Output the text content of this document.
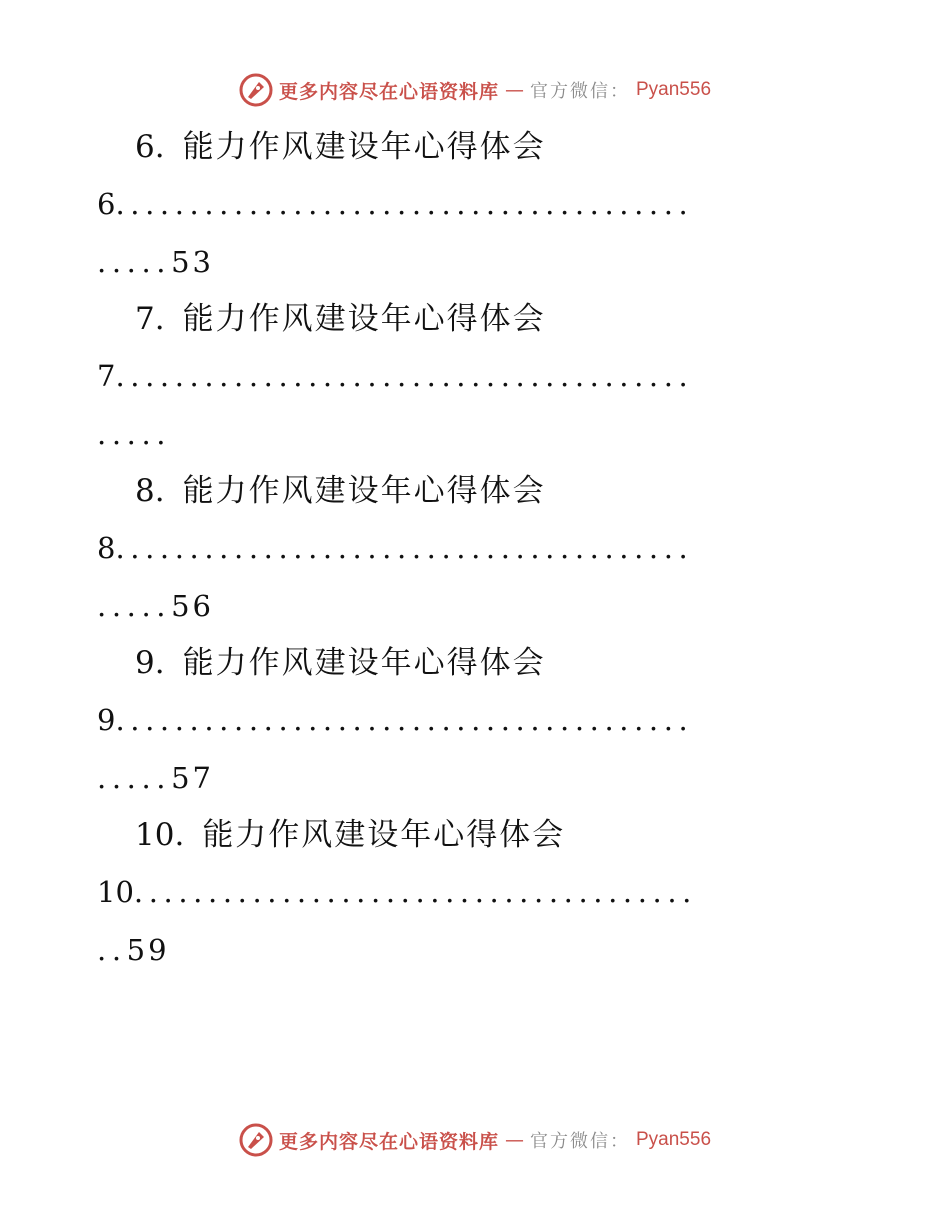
更多内容尽在心语资料库 — 官方微信： Pyan556
6. 能力作风建设年心得体会
6.......................................
.....53
7. 能力作风建设年心得体会
7.......................................
.....
8. 能力作风建设年心得体会
8.......................................
.....56
9. 能力作风建设年心得体会
9.......................................
.....57
10. 能力作风建设年心得体会
10......................................
..59
更多内容尽在心语资料库 — 官方微信： Pyan556
